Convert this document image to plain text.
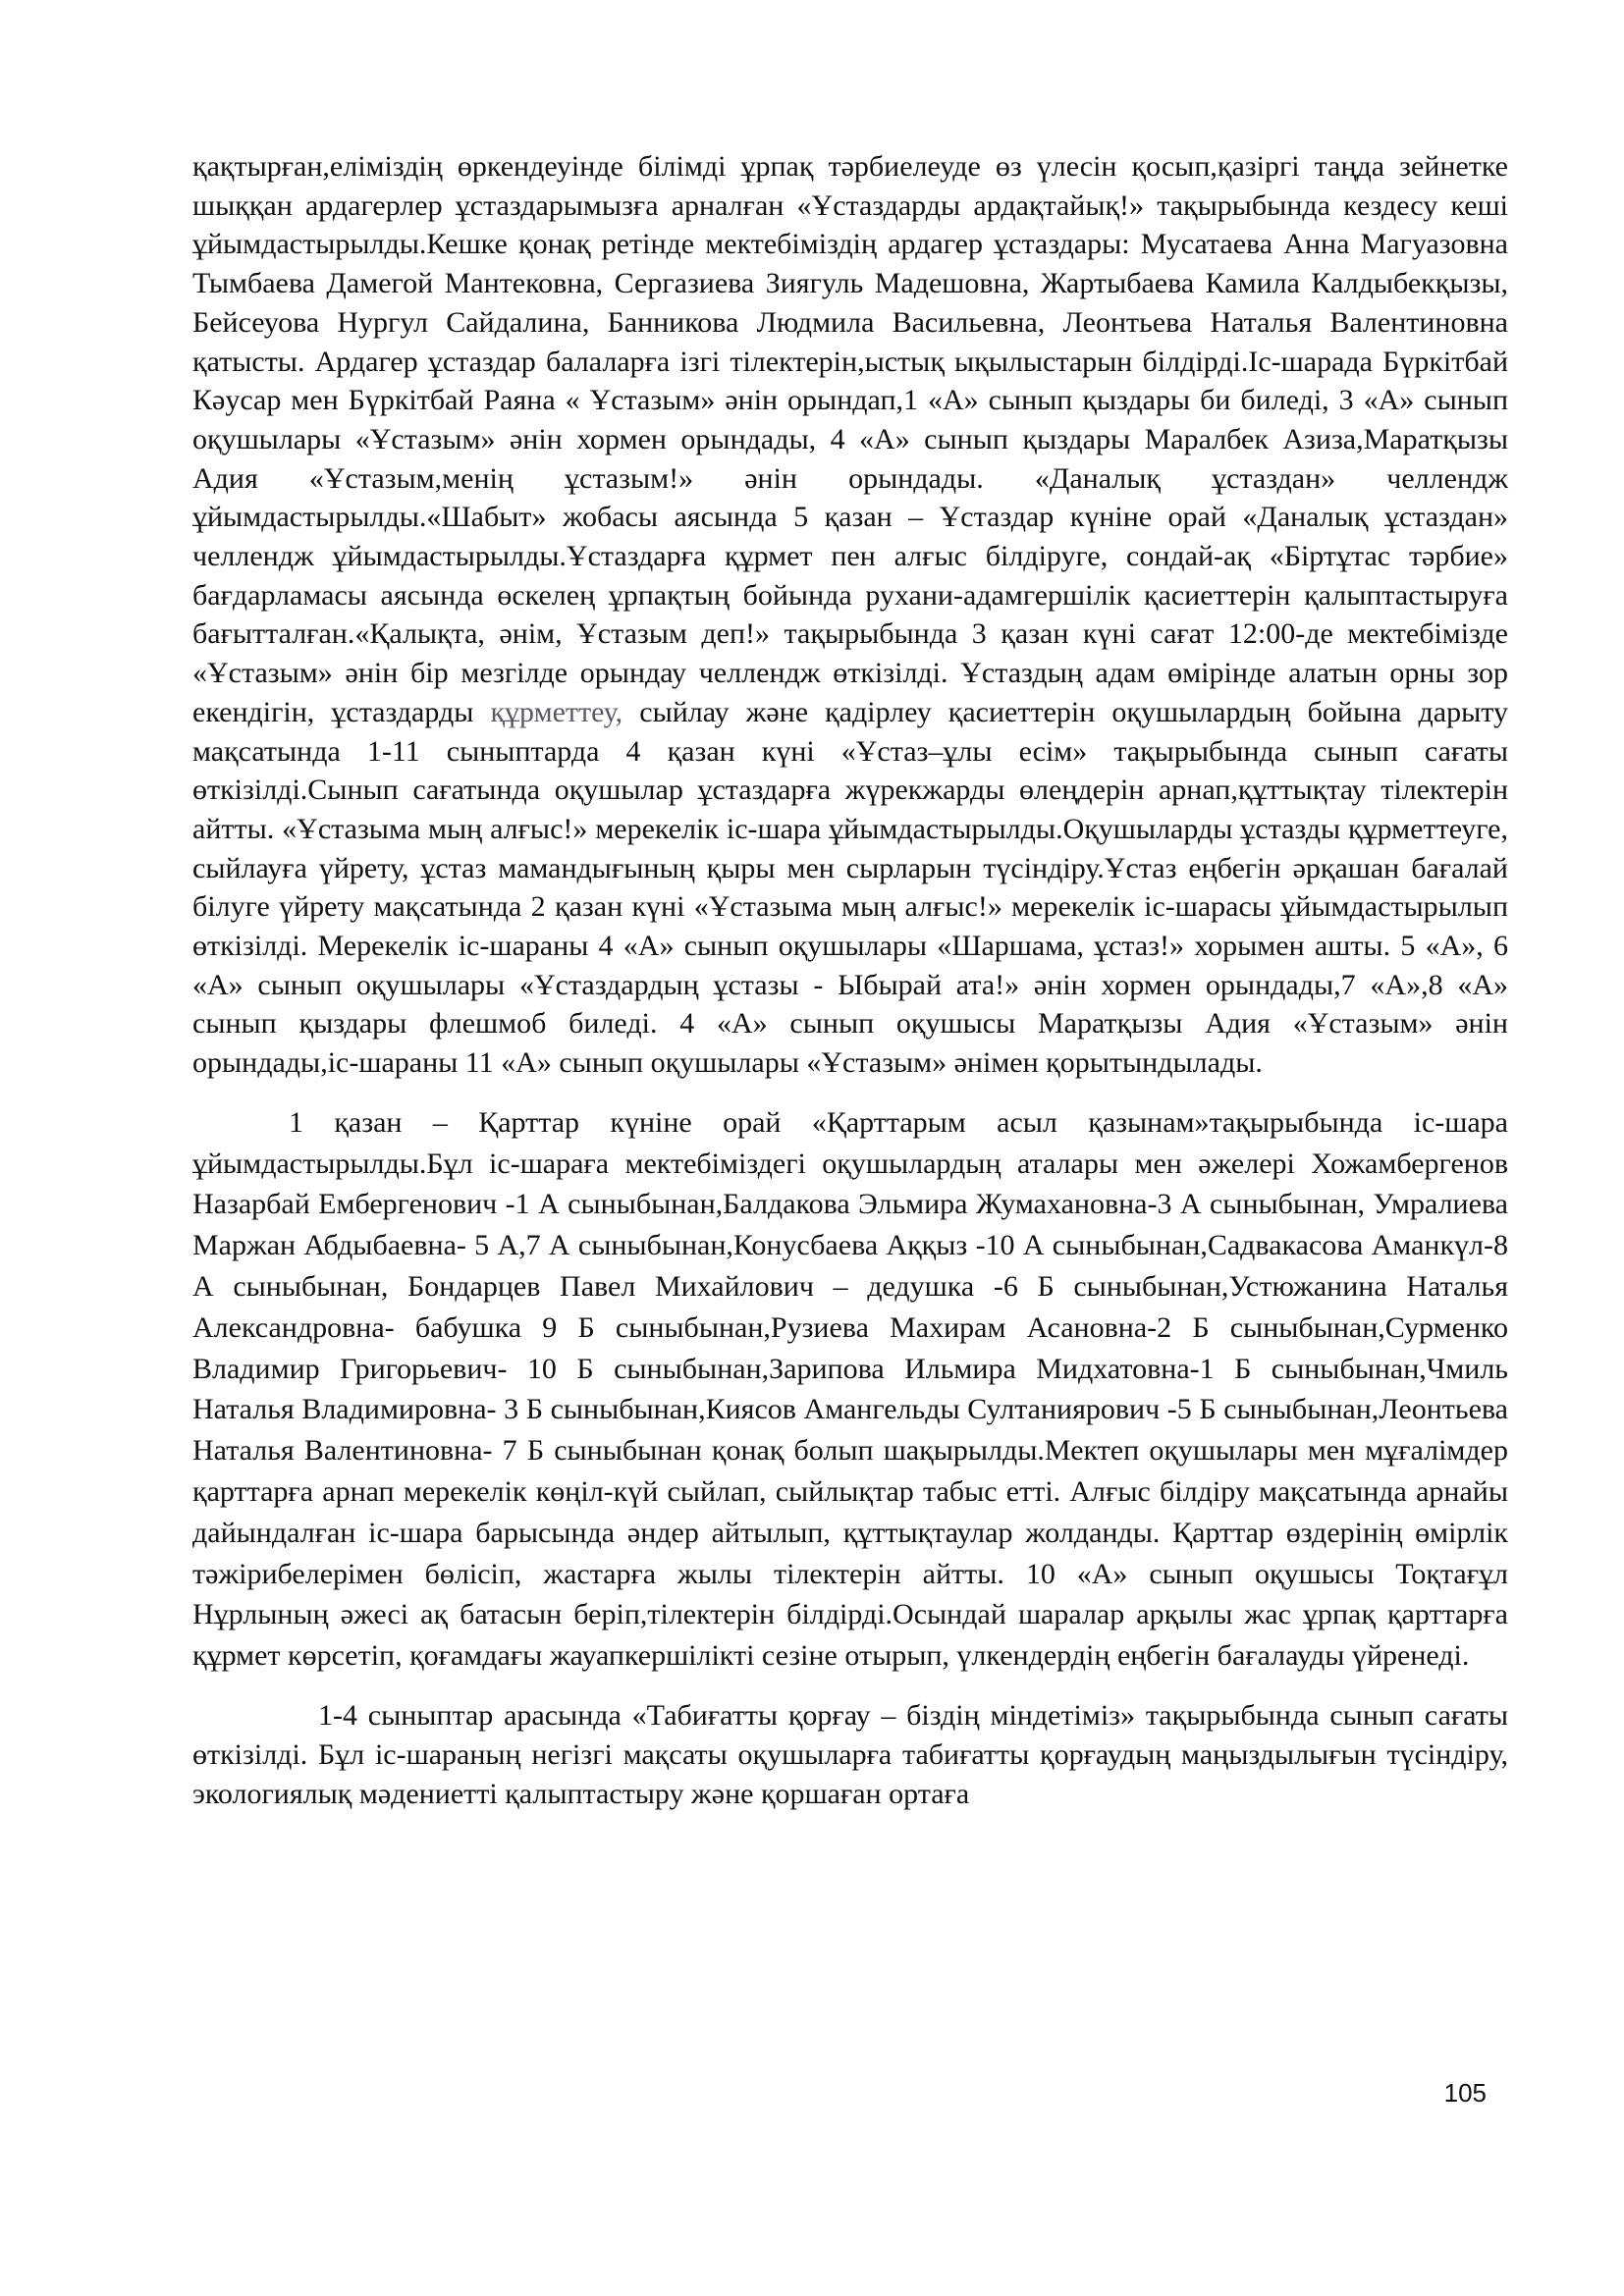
қақтырған,еліміздің өркендеуінде білімді ұрпақ тәрбиелеуде өз үлесін қосып,қазіргі таңда зейнетке шыққан ардагерлер ұстаздарымызға арналған «Ұстаздарды ардақтайық!» тақырыбында кездесу кеші ұйымдастырылды.Кешке қонақ ретінде мектебіміздің ардагер ұстаздары: Мусатаева Анна Магуазовна Тымбаева Дамегой Мантековна, Сергазиева Зиягуль Мадешовна, Жартыбаева Камила Калдыбекқызы, Бейсеуова Нургул Сайдалина, Банникова Людмила Васильевна, Леонтьева Наталья Валентиновна қатысты. Ардагер ұстаздар балаларға ізгі тілектерін,ыстық ықылыстарын білдірді.Іс-шарада Бүркітбай Кәусар мен Бүркітбай Раяна « Ұстазым» әнін орындап,1 «А» сынып қыздары би биледі, 3 «А» сынып оқушылары «Ұстазым» әнін хормен орындады, 4 «А» сынып қыздары Маралбек Азиза,Маратқызы Адия «Ұстазым,менің ұстазым!» әнін орындады. «Даналық ұстаздан» челлендж ұйымдастырылды.«Шабыт» жобасы аясында 5 қазан – Ұстаздар күніне орай «Даналық ұстаздан» челлендж ұйымдастырылды.Ұстаздарға құрмет пен алғыс білдіруге, сондай-ақ «Біртұтас тәрбие» бағдарламасы аясында өскелең ұрпақтың бойында рухани-адамгершілік қасиеттерін қалыптастыруға бағытталған.«Қалықта, әнім, Ұстазым деп!» тақырыбында 3 қазан күні сағат 12:00-де мектебімізде «Ұстазым» әнін бір мезгілде орындау челлендж өткізілді. Ұстаздың адам өмірінде алатын орны зор екендігін, ұстаздарды құрметтеу, сыйлау және қадірлеу қасиеттерін оқушылардың бойына дарыту мақсатында 1-11 сыныптарда 4 қазан күні «Ұстаз–ұлы есім» тақырыбында сынып сағаты өткізілді.Сынып сағатында оқушылар ұстаздарға жүрекжарды өлеңдерін арнап,құттықтау тілектерін айтты. «Ұстазыма мың алғыс!» мерекелік іс-шара ұйымдастырылды.Оқушыларды ұстазды құрметтеуге, сыйлауға үйрету, ұстаз мамандығының қыры мен сырларын түсіндіру.Ұстаз еңбегін әрқашан бағалай білуге үйрету мақсатында 2 қазан күні «Ұстазыма мың алғыс!» мерекелік іс-шарасы ұйымдастырылып өткізілді. Мерекелік іс-шараны 4 «А» сынып оқушылары «Шаршама, ұстаз!» хорымен ашты. 5 «А», 6 «А» сынып оқушылары «Ұстаздардың ұстазы - Ыбырай ата!» әнін хормен орындады,7 «А»,8 «А» сынып қыздары флешмоб биледі. 4 «А» сынып оқушысы Маратқызы Адия «Ұстазым» әнін орындады,іс-шараны 11 «А» сынып оқушылары «Ұстазым» әнімен қорытындылады.

1 қазан – Қарттар күніне орай «Қарттарым асыл қазынам»тақырыбында іс-шара ұйымдастырылды.Бұл іс-шараға мектебіміздегі оқушылардың аталары мен әжелері Хожамбергенов Назарбай Ембергенович -1 А сыныбынан,Балдакова Эльмира Жумахановна-3 А сыныбынан, Умралиева Маржан Абдыбаевна- 5 А,7 А сыныбынан,Конусбаева Аққыз -10 А сыныбынан,Садвакасова Аманкүл-8 А сыныбынан, Бондарцев Павел Михайлович – дедушка -6 Б сыныбынан,Устюжанина Наталья Александровна- бабушка 9 Б сыныбынан,Рузиева Махирам Асановна-2 Б сыныбынан,Сурменко Владимир Григорьевич- 10 Б сыныбынан,Зарипова Ильмира Мидхатовна-1 Б сыныбынан,Чмиль Наталья Владимировна- 3 Б сыныбынан,Киясов Амангельды Султаниярович -5 Б сыныбынан,Леонтьева Наталья Валентиновна- 7 Б сыныбынан қонақ болып шақырылды.Мектеп оқушылары мен мұғалімдер қарттарға арнап мерекелік көңіл-күй сыйлап, сыйлықтар табыс етті. Алғыс білдіру мақсатында арнайы дайындалған іс-шара барысында әндер айтылып, құттықтаулар жолданды. Қарттар өздерінің өмірлік тәжірибелерімен бөлісіп, жастарға жылы тілектерін айтты. 10 «А» сынып оқушысы Тоқтағұл Нұрлының әжесі ақ батасын беріп,тілектерін білдірді.Осындай шаралар арқылы жас ұрпақ қарттарға құрмет көрсетіп, қоғамдағы жауапкершілікті сезіне отырып, үлкендердің еңбегін бағалауды үйренеді.

1-4 сыныптар арасында «Табиғатты қорғау – біздің міндетіміз» тақырыбында сынып сағаты өткізілді. Бұл іс-шараның негізгі мақсаты оқушыларға табиғатты қорғаудың маңыздылығын түсіндіру, экологиялық мәдениетті қалыптастыру және қоршаған ортаға

105
